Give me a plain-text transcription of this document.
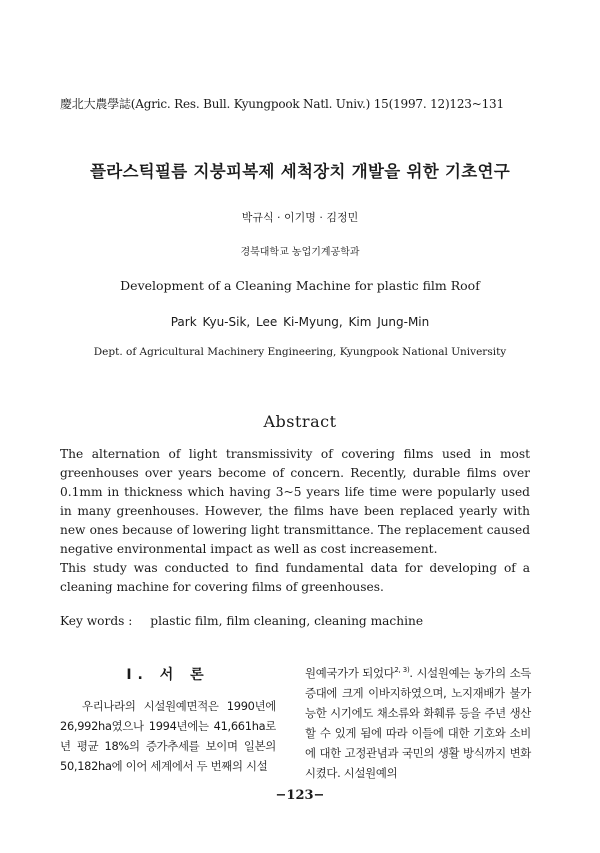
慶北大農學誌(Agric. Res. Bull. Kyungpook Natl. Univ.) 15(1997. 12)123~131
플라스틱필름 지붕피복제 세척장치 개발을 위한 기초연구
박규식 · 이기명 · 김정민
경북대학교 농업기계공학과
Development of a Cleaning Machine for plastic film Roof
Park Kyu-Sik, Lee Ki-Myung, Kim Jung-Min
Dept. of Agricultural Machinery Engineering, Kyungpook National University
Abstract

The alternation of light transmissivity of covering films used in most greenhouses over years become of concern. Recently, durable films over 0.1mm in thickness which having 3~5 years life time were popularly used in many greenhouses. However, the films have been replaced yearly with new ones because of lowering light transmittance. The replacement caused negative environmental impact as well as cost increasement.

This study was conducted to find fundamental data for developing of a cleaning machine for covering films of greenhouses.

Key words : plastic film, film cleaning, cleaning machine
Ⅰ. 서 론

우리나라의 시설원예면적은 1990년에 26,992ha였으나 1994년에는 41,661ha로 년 평균 18%의 증가추세를 보이며 일본의 50,182ha에 이어 세계에서 두 번째의 시설

원예국가가 되었다$^{2, 3)}$. 시설원예는 농가의 소득증대에 크게 이바지하였으며, 노지재배가 불가능한 시기에도 채소류와 화훼류 등을 주년 생산할 수 있게 됨에 따라 이들에 대한 기호와 소비에 대한 고정관념과 국민의 생활 방식까지 변화시켰다. 시설원예의

−123−
